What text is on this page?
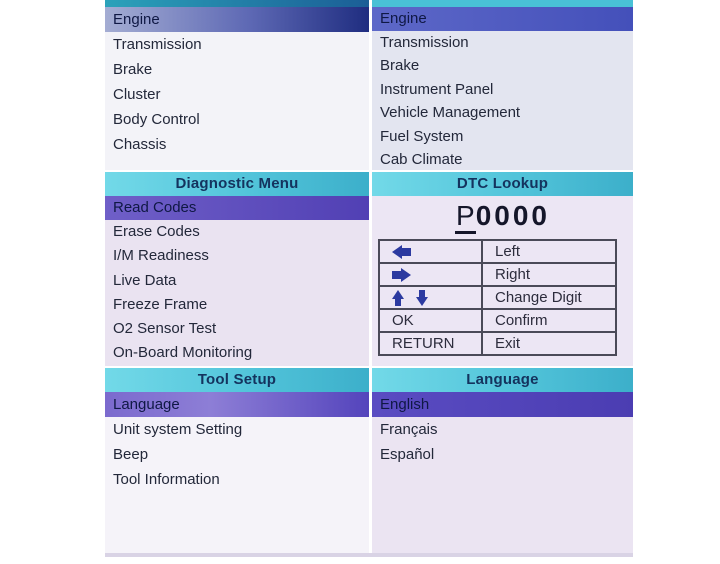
Engine
Transmission
Brake
Cluster
Body Control
Chassis
Engine
Transmission
Brake
Instrument Panel
Vehicle Management
Fuel System
Cab Climate
Diagnostic Menu
Read Codes
Erase Codes
I/M Readiness
Live Data
Freeze Frame
O2 Sensor Test
On-Board Monitoring
DTC Lookup
P0000
	Left

	Right

	Change Digit
OK	Confirm
RETURN	Exit
Tool Setup
Language
Unit system Setting
Beep
Tool Information
Language
English
Français
Español
